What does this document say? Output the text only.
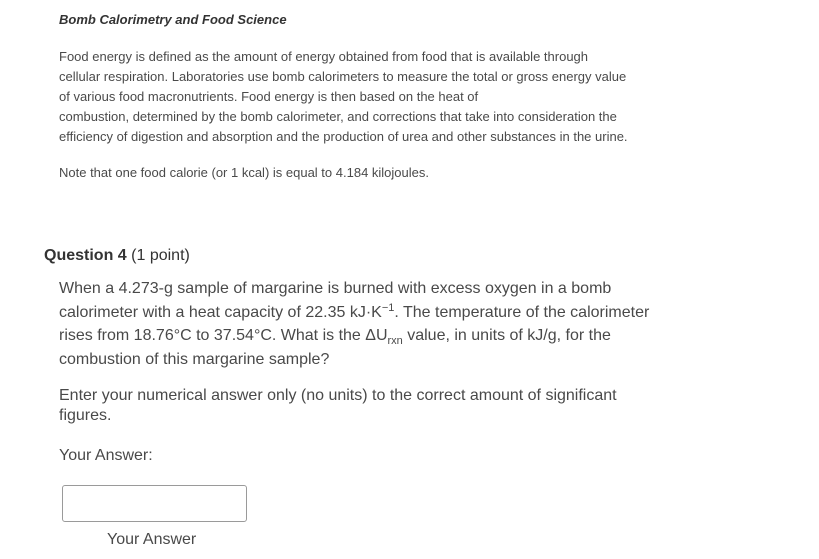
Bomb Calorimetry and Food Science

Food energy is defined as the amount of energy obtained from food that is available through
cellular respiration. Laboratories use bomb calorimeters to measure the total or gross energy value
of various food macronutrients. Food energy is then based on the heat of
combustion, determined by the bomb calorimeter, and corrections that take into consideration the
efficiency of digestion and absorption and the production of urea and other substances in the urine.

Note that one food calorie (or 1 kcal) is equal to 4.184 kilojoules.

Question 4 (1 point)

When a 4.273-g sample of margarine is burned with excess oxygen in a bomb
calorimeter with a heat capacity of 22.35 $kJ\cdot K^{-1}$. The temperature of the calorimeter
rises from 18.76°C to 37.54°C. What is the $\Delta U_{rxn}$ value, in units of kJ/g, for the
combustion of this margarine sample?

Enter your numerical answer only (no units) to the correct amount of significant
figures.

Your Answer:
Your Answer
